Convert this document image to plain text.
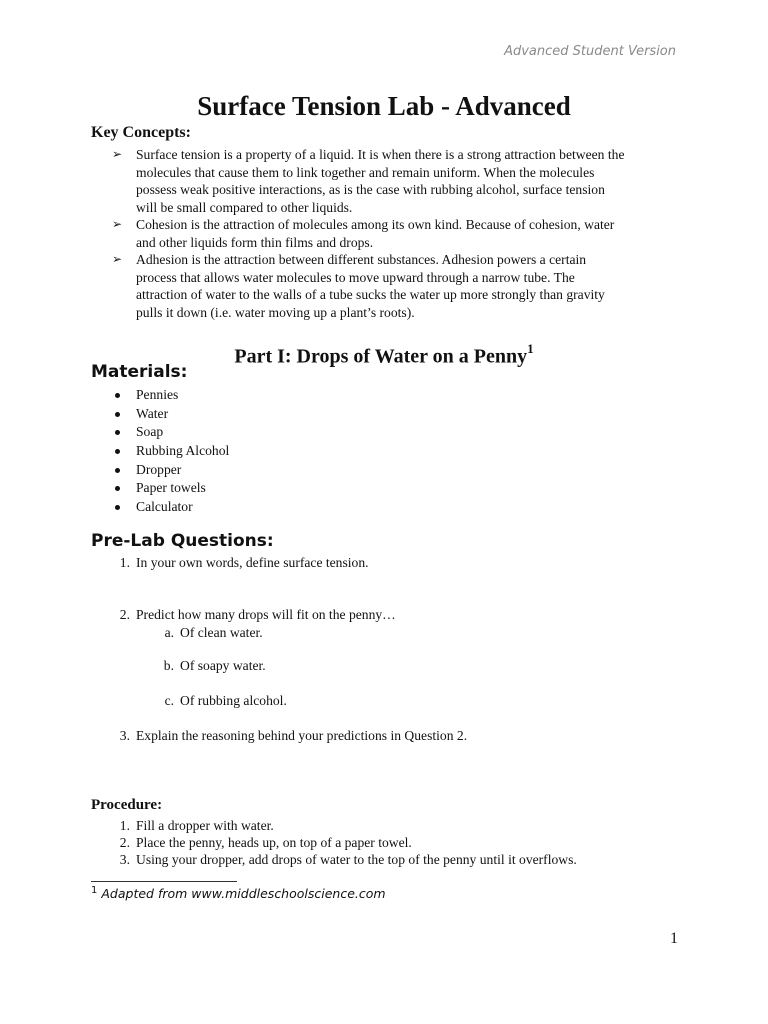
Advanced Student Version
Surface Tension Lab - Advanced
Key Concepts:
➢ Surface tension is a property of a liquid. It is when there is a strong attraction between the
molecules that cause them to link together and remain uniform. When the molecules
possess weak positive interactions, as is the case with rubbing alcohol, surface tension
will be small compared to other liquids.
➢ Cohesion is the attraction of molecules among its own kind. Because of cohesion, water
and other liquids form thin films and drops.
➢ Adhesion is the attraction between different substances. Adhesion powers a certain
process that allows water molecules to move upward through a narrow tube. The
attraction of water to the walls of a tube sucks the water up more strongly than gravity
pulls it down (i.e. water moving up a plant’s roots).
Part I: Drops of Water on a Penny$^1$
Materials:
Pennies
Water
Soap
Rubbing Alcohol
Dropper
Paper towels
Calculator
Pre-Lab Questions:
1. In your own words, define surface tension.
2. Predict how many drops will fit on the penny…
a. Of clean water.
b. Of soapy water.
c. Of rubbing alcohol.
3. Explain the reasoning behind your predictions in Question 2.
Procedure:
1. Fill a dropper with water.
2. Place the penny, heads up, on top of a paper towel.
3. Using your dropper, add drops of water to the top of the penny until it overflows.
$^1$ Adapted from www.middleschoolscience.com
1
